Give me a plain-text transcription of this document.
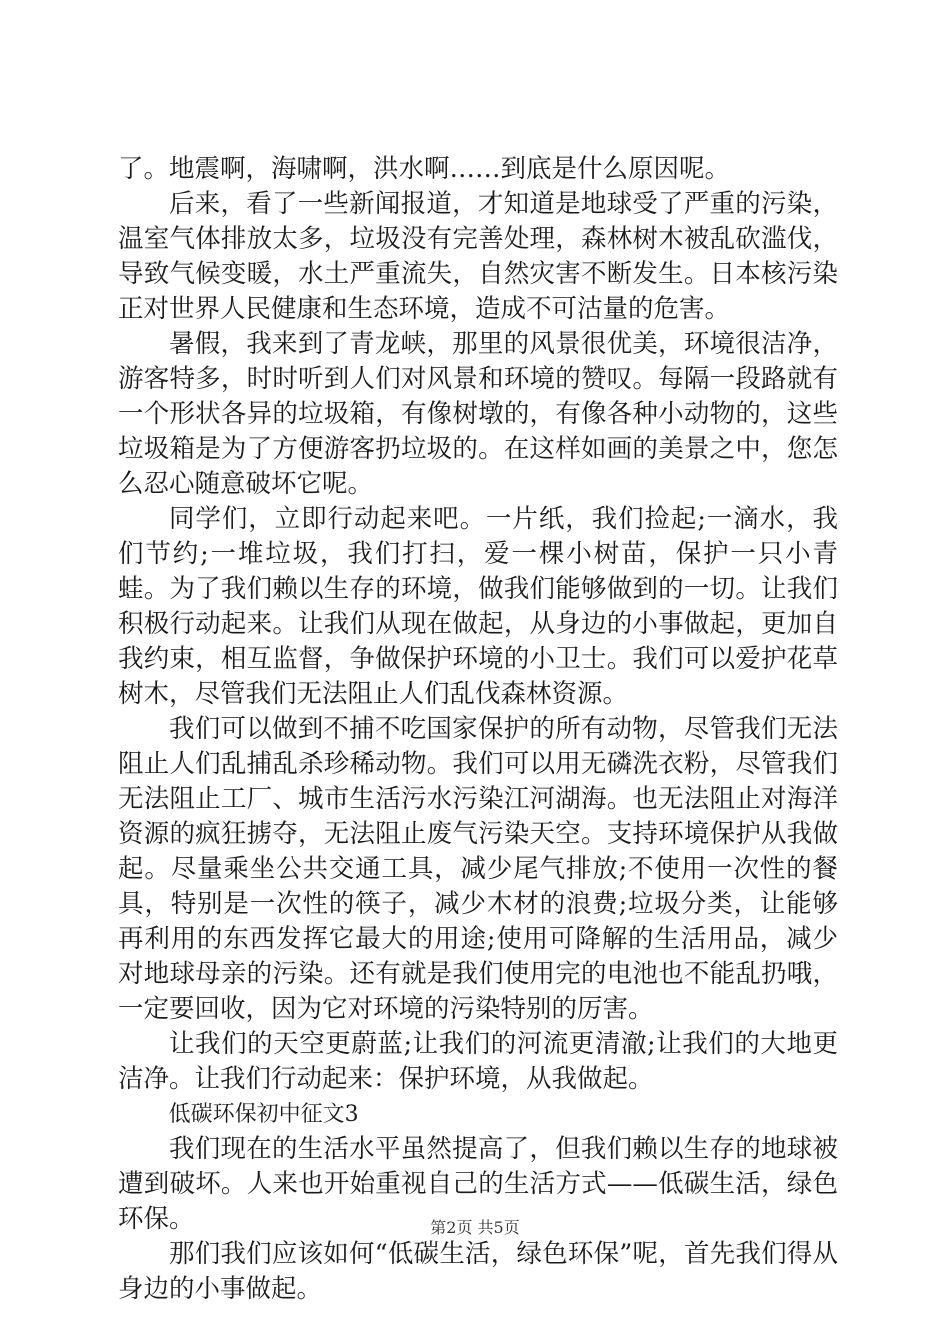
了。地震啊，海啸啊，洪水啊……到底是什么原因呢。

后来，看了一些新闻报道，才知道是地球受了严重的污染，温室气体排放太多，垃圾没有完善处理，森林树木被乱砍滥伐，导致气候变暖，水土严重流失，自然灾害不断发生。日本核污染正对世界人民健康和生态环境，造成不可沽量的危害。

暑假，我来到了青龙峡，那里的风景很优美，环境很洁净，游客特多，时时听到人们对风景和环境的赞叹。每隔一段路就有一个形状各异的垃圾箱，有像树墩的，有像各种小动物的，这些垃圾箱是为了方便游客扔垃圾的。在这样如画的美景之中，您怎么忍心随意破坏它呢。

同学们，立即行动起来吧。一片纸，我们捡起;一滴水，我们节约;一堆垃圾，我们打扫，爱一棵小树苗，保护一只小青蛙。为了我们赖以生存的环境，做我们能够做到的一切。让我们积极行动起来。让我们从现在做起，从身边的小事做起，更加自我约束，相互监督，争做保护环境的小卫士。我们可以爱护花草树木，尽管我们无法阻止人们乱伐森林资源。

我们可以做到不捕不吃国家保护的所有动物，尽管我们无法阻止人们乱捕乱杀珍稀动物。我们可以用无磷洗衣粉，尽管我们无法阻止工厂、城市生活污水污染江河湖海。也无法阻止对海洋资源的疯狂掳夺，无法阻止废气污染天空。支持环境保护从我做起。尽量乘坐公共交通工具，减少尾气排放;不使用一次性的餐具，特别是一次性的筷子，减少木材的浪费;垃圾分类，让能够再利用的东西发挥它最大的用途;使用可降解的生活用品，减少对地球母亲的污染。还有就是我们使用完的电池也不能乱扔哦，一定要回收，因为它对环境的污染特别的厉害。

让我们的天空更蔚蓝;让我们的河流更清澈;让我们的大地更洁净。让我们行动起来：保护环境，从我做起。

低碳环保初中征文3

我们现在的生活水平虽然提高了，但我们赖以生存的地球被遭到破坏。人来也开始重视自己的生活方式——低碳生活，绿色环保。

那们我们应该如何“低碳生活，绿色环保”呢，首先我们得从身边的小事做起。

第2页 共5页
